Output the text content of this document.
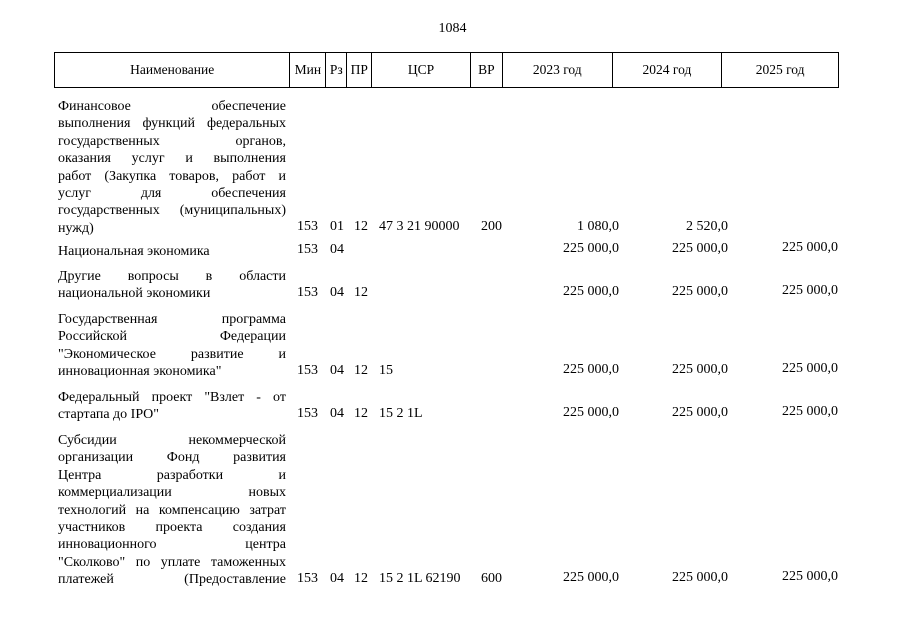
1084
Наименование	Мин Рз ПР	ЦСР	ВР	2023 год	2024 год	2025 год
Финансовое обеспечение
выполнения функций федеральных
государственных органов,
оказания услуг и выполнения
работ (Закупка товаров, работ и
услуг для обеспечения
государственных (муниципальных)
нужд)	153 01 12 47 3 21 90000 200	1 080,0	2 520,0
Национальная экономика	153 04	225 000,0	225 000,0	225 000,0
Другие вопросы в области
национальной экономики	153 04 12	225 000,0	225 000,0	225 000,0
Государственная программа
Российской Федерации
"Экономическое развитие и
инновационная экономика"	153 04 12 15	225 000,0	225 000,0	225 000,0
Федеральный проект "Взлет - от
стартапа до IPO"	153 04 12 15 2 1L	225 000,0	225 000,0	225 000,0
Субсидии некоммерческой
организации Фонд развития
Центра разработки и
коммерциализации новых
технологий на компенсацию затрат
участников проекта создания
инновационного центра
"Сколково" по уплате таможенных
платежей (Предоставление 153 04 12 15 2 1L 62190 600	225 000,0	225 000,0	225 000,0
